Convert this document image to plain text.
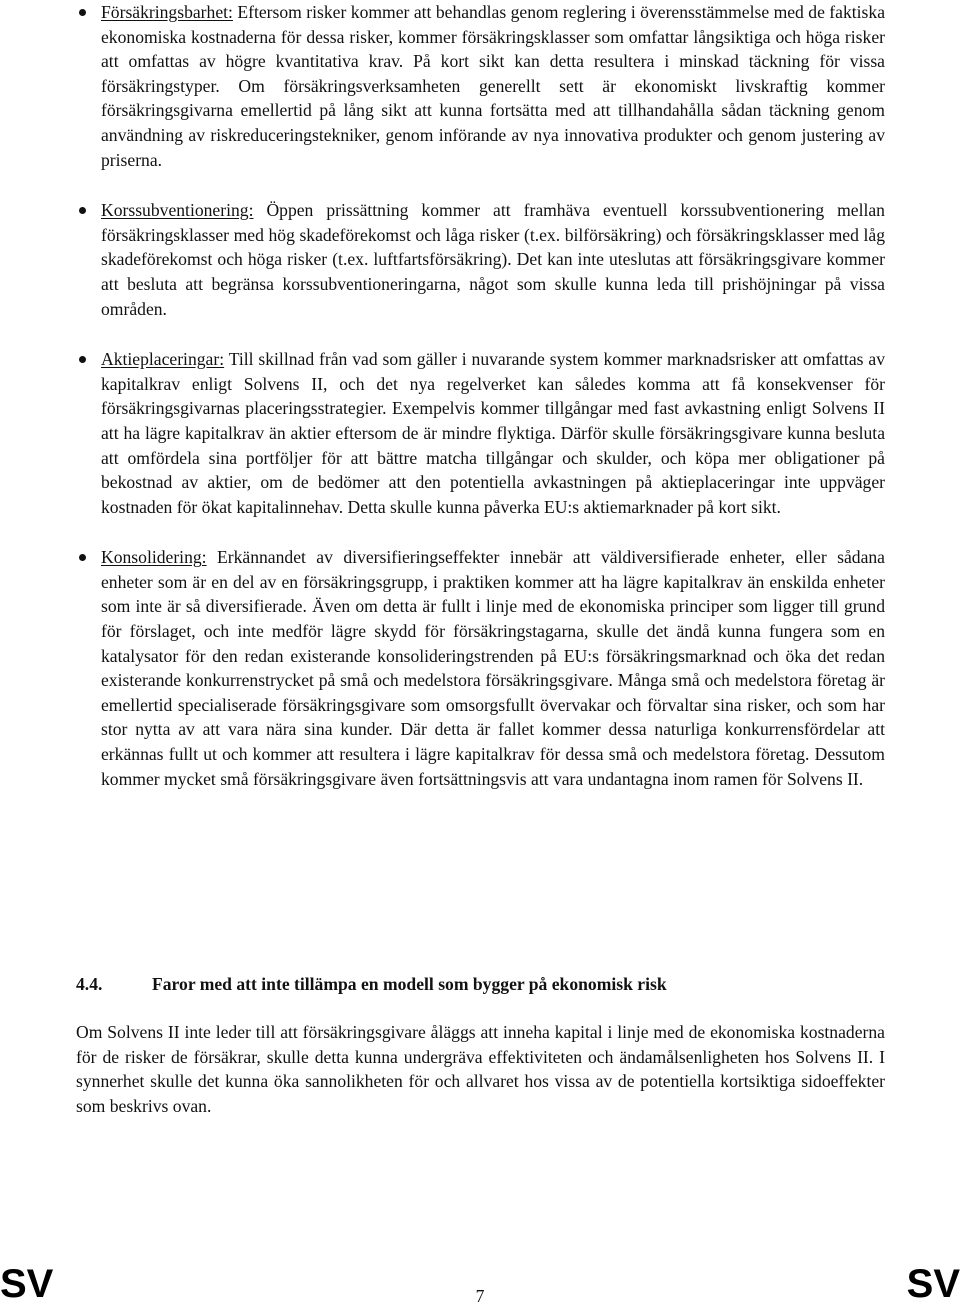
Försäkringsbarhet: Eftersom risker kommer att behandlas genom reglering i överensstämmelse med de faktiska ekonomiska kostnaderna för dessa risker, kommer försäkringsklasser som omfattar långsiktiga och höga risker att omfattas av högre kvantitativa krav. På kort sikt kan detta resultera i minskad täckning för vissa försäkringstyper. Om försäkringsverksamheten generellt sett är ekonomiskt livskraftig kommer försäkringsgivarna emellertid på lång sikt att kunna fortsätta med att tillhandahålla sådan täckning genom användning av riskreduceringstekniker, genom införande av nya innovativa produkter och genom justering av priserna.
Korssubventionering: Öppen prissättning kommer att framhäva eventuell korssubventionering mellan försäkringsklasser med hög skadeförekomst och låga risker (t.ex. bilförsäkring) och försäkringsklasser med låg skadeförekomst och höga risker (t.ex. luftfartsförsäkring). Det kan inte uteslutas att försäkringsgivare kommer att besluta att begränsa korssubventioneringarna, något som skulle kunna leda till prishöjningar på vissa områden.
Aktieplaceringar: Till skillnad från vad som gäller i nuvarande system kommer marknadsrisker att omfattas av kapitalkrav enligt Solvens II, och det nya regelverket kan således komma att få konsekvenser för försäkringsgivarnas placeringsstrategier. Exempelvis kommer tillgångar med fast avkastning enligt Solvens II att ha lägre kapitalkrav än aktier eftersom de är mindre flyktiga. Därför skulle försäkringsgivare kunna besluta att omfördela sina portföljer för att bättre matcha tillgångar och skulder, och köpa mer obligationer på bekostnad av aktier, om de bedömer att den potentiella avkastningen på aktieplaceringar inte uppväger kostnaden för ökat kapitalinnehav. Detta skulle kunna påverka EU:s aktiemarknader på kort sikt.
Konsolidering: Erkännandet av diversifieringseffekter innebär att väldiversifierade enheter, eller sådana enheter som är en del av en försäkringsgrupp, i praktiken kommer att ha lägre kapitalkrav än enskilda enheter som inte är så diversifierade. Även om detta är fullt i linje med de ekonomiska principer som ligger till grund för förslaget, och inte medför lägre skydd för försäkringstagarna, skulle det ändå kunna fungera som en katalysator för den redan existerande konsolideringstrenden på EU:s försäkringsmarknad och öka det redan existerande konkurrenstrycket på små och medelstora försäkringsgivare. Många små och medelstora företag är emellertid specialiserade försäkringsgivare som omsorgsfullt övervakar och förvaltar sina risker, och som har stor nytta av att vara nära sina kunder. Där detta är fallet kommer dessa naturliga konkurrensfördelar att erkännas fullt ut och kommer att resultera i lägre kapitalkrav för dessa små och medelstora företag. Dessutom kommer mycket små försäkringsgivare även fortsättningsvis att vara undantagna inom ramen för Solvens II.
4.4.	Faror med att inte tillämpa en modell som bygger på ekonomisk risk

Om Solvens II inte leder till att försäkringsgivare åläggs att inneha kapital i linje med de ekonomiska kostnaderna för de risker de försäkrar, skulle detta kunna undergräva effektiviteten och ändamålsenligheten hos Solvens II. I synnerhet skulle det kunna öka sannolikheten för och allvaret hos vissa av de potentiella kortsiktiga sidoeffekter som beskrivs ovan.

SV	7	SV
